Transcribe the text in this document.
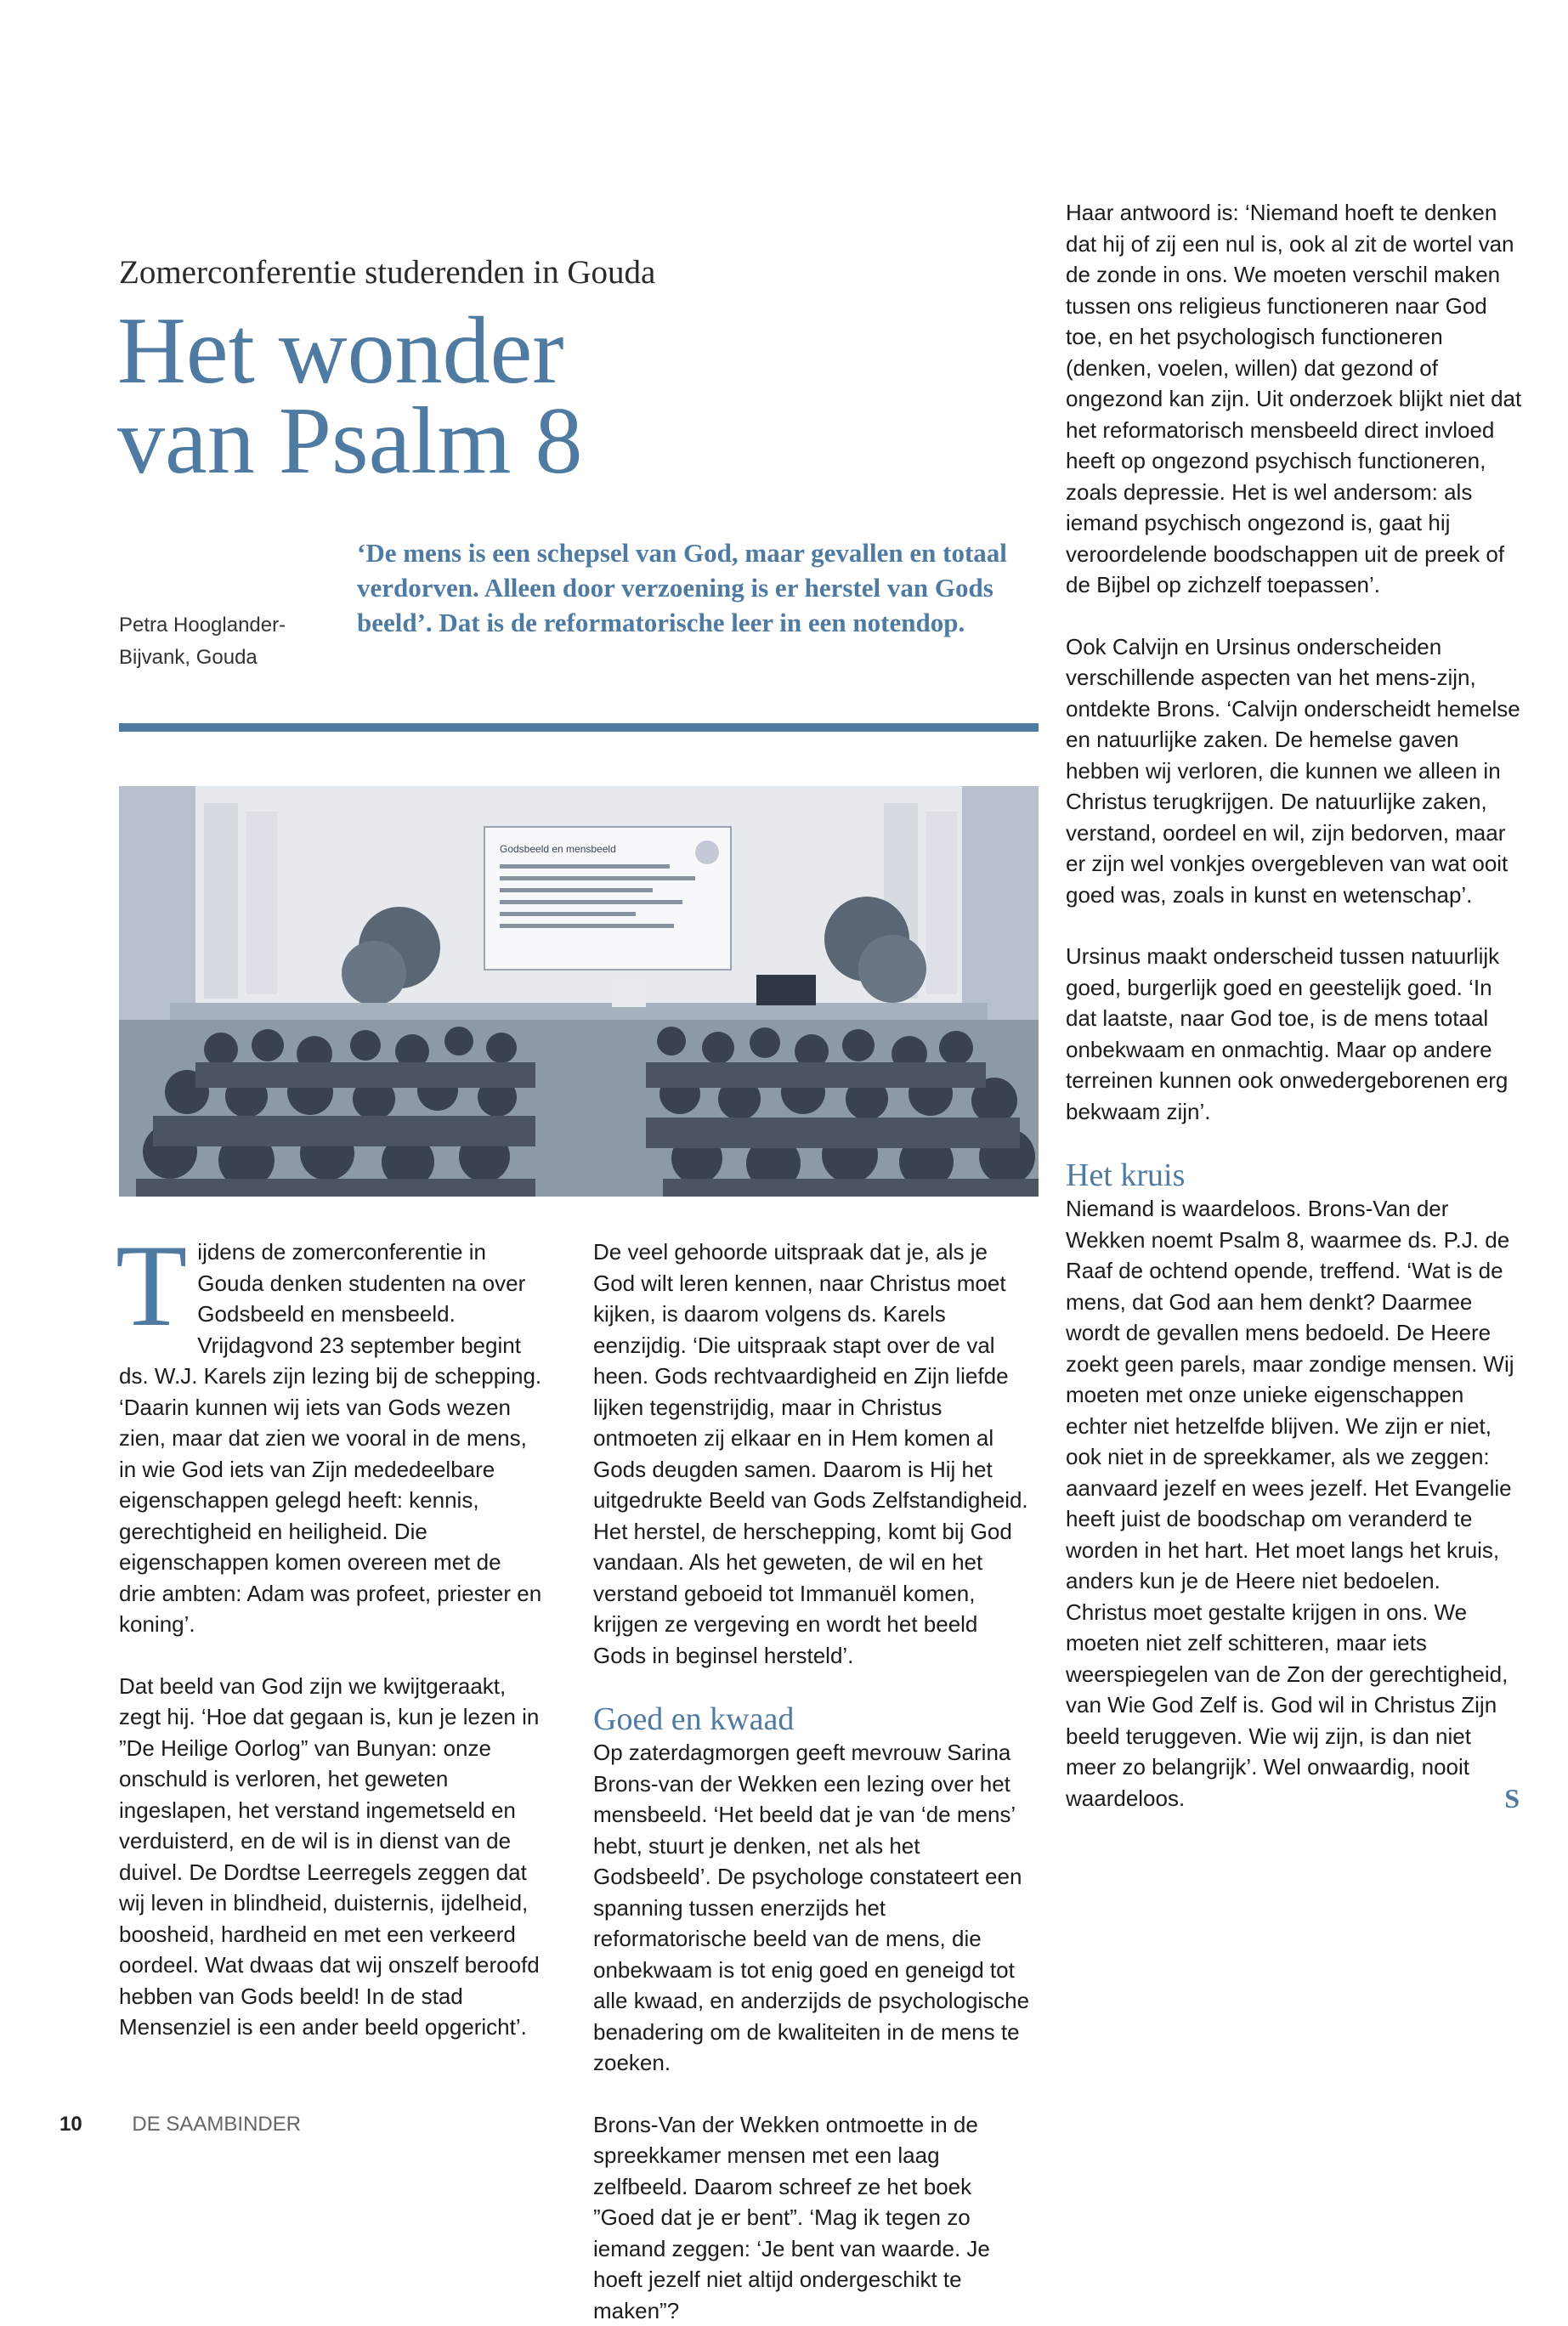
Zomerconferentie studerenden in Gouda
Het wonder
van Psalm 8
Petra Hooglander-
Bijvank, Gouda
‘De mens is een schepsel van God, maar gevallen en totaal verdorven. Alleen door verzoening is er herstel van Gods beeld’. Dat is de reformatorische leer in een notendop.
Godsbeeld en mensbeeld

Tijdens de zomerconferentie in Gouda denken studenten na over Godsbeeld en mensbeeld. Vrijdagvond 23 september begint ds. W.J. Karels zijn lezing bij de schepping. ‘Daarin kunnen wij iets van Gods wezen zien, maar dat zien we vooral in de mens, in wie God iets van Zijn mededeelbare eigenschappen gelegd heeft: kennis, gerechtigheid en heiligheid. Die eigenschappen komen overeen met de drie ambten: Adam was profeet, priester en koning’.

Dat beeld van God zijn we kwijtgeraakt, zegt hij. ‘Hoe dat gegaan is, kun je lezen in ”De Heilige Oorlog” van Bunyan: onze onschuld is verloren, het geweten ingeslapen, het verstand ingemetseld en verduisterd, en de wil is in dienst van de duivel. De Dordtse Leerregels zeggen dat wij leven in blindheid, duisternis, ijdelheid, boosheid, hardheid en met een verkeerd oordeel. Wat dwaas dat wij onszelf beroofd hebben van Gods beeld! In de stad Mensenziel is een ander beeld opgericht’.

De veel gehoorde uitspraak dat je, als je God wilt leren kennen, naar Christus moet kijken, is daarom volgens ds. Karels eenzijdig. ‘Die uitspraak stapt over de val heen. Gods rechtvaardigheid en Zijn liefde lijken tegenstrijdig, maar in Christus ontmoeten zij elkaar en in Hem komen al Gods deugden samen. Daarom is Hij het uitgedrukte Beeld van Gods Zelfstandigheid. Het herstel, de herschepping, komt bij God vandaan. Als het geweten, de wil en het verstand geboeid tot Immanuël komen, krijgen ze vergeving en wordt het beeld Gods in beginsel hersteld’.

Goed en kwaad

Op zaterdagmorgen geeft mevrouw Sarina Brons-van der Wekken een lezing over het mensbeeld. ‘Het beeld dat je van ‘de mens’ hebt, stuurt je denken, net als het Godsbeeld’. De psychologe constateert een spanning tussen enerzijds het reformatorische beeld van de mens, die onbekwaam is tot enig goed en geneigd tot alle kwaad, en anderzijds de psychologische benadering om de kwaliteiten in de mens te zoeken.

Brons-Van der Wekken ontmoette in de spreekkamer mensen met een laag zelfbeeld. Daarom schreef ze het boek ”Goed dat je er bent”. ‘Mag ik tegen zo iemand zeggen: ‘Je bent van waarde. Je hoeft jezelf niet altijd ondergeschikt te maken”?

Haar antwoord is: ‘Niemand hoeft te denken dat hij of zij een nul is, ook al zit de wortel van de zonde in ons. We moeten verschil maken tussen ons religieus functioneren naar God toe, en het psychologisch functioneren (denken, voelen, willen) dat gezond of ongezond kan zijn. Uit onderzoek blijkt niet dat het reformatorisch mensbeeld direct invloed heeft op ongezond psychisch functioneren, zoals depressie. Het is wel andersom: als iemand psychisch ongezond is, gaat hij veroordelende boodschappen uit de preek of de Bijbel op zichzelf toepassen’.

Ook Calvijn en Ursinus onderscheiden verschillende aspecten van het mens-zijn, ontdekte Brons. ‘Calvijn onderscheidt hemelse en natuurlijke zaken. De hemelse gaven hebben wij verloren, die kunnen we alleen in Christus terugkrijgen. De natuurlijke zaken, verstand, oordeel en wil, zijn bedorven, maar er zijn wel vonkjes overgebleven van wat ooit goed was, zoals in kunst en wetenschap’.

Ursinus maakt onderscheid tussen natuurlijk goed, burgerlijk goed en geestelijk goed. ‘In dat laatste, naar God toe, is de mens totaal onbekwaam en onmachtig. Maar op andere terreinen kunnen ook onwedergeborenen erg bekwaam zijn’.

Het kruis

Niemand is waardeloos. Brons-Van der Wekken noemt Psalm 8, waarmee ds. P.J. de Raaf de ochtend opende, treffend. ‘Wat is de mens, dat God aan hem denkt? Daarmee wordt de gevallen mens bedoeld. De Heere zoekt geen parels, maar zondige mensen. Wij moeten met onze unieke eigenschappen echter niet hetzelfde blijven. We zijn er niet, ook niet in de spreekkamer, als we zeggen: aanvaard jezelf en wees jezelf. Het Evangelie heeft juist de boodschap om veranderd te worden in het hart. Het moet langs het kruis, anders kun je de Heere niet bedoelen. Christus moet gestalte krijgen in ons. We moeten niet zelf schitteren, maar iets weerspiegelen van de Zon der gerechtigheid, van Wie God Zelf is. God wil in Christus Zijn beeld teruggeven. Wie wij zijn, is dan niet meer zo belangrijk’. Wel onwaardig, nooit waardeloos.	S

10 DE SAAMBINDER
